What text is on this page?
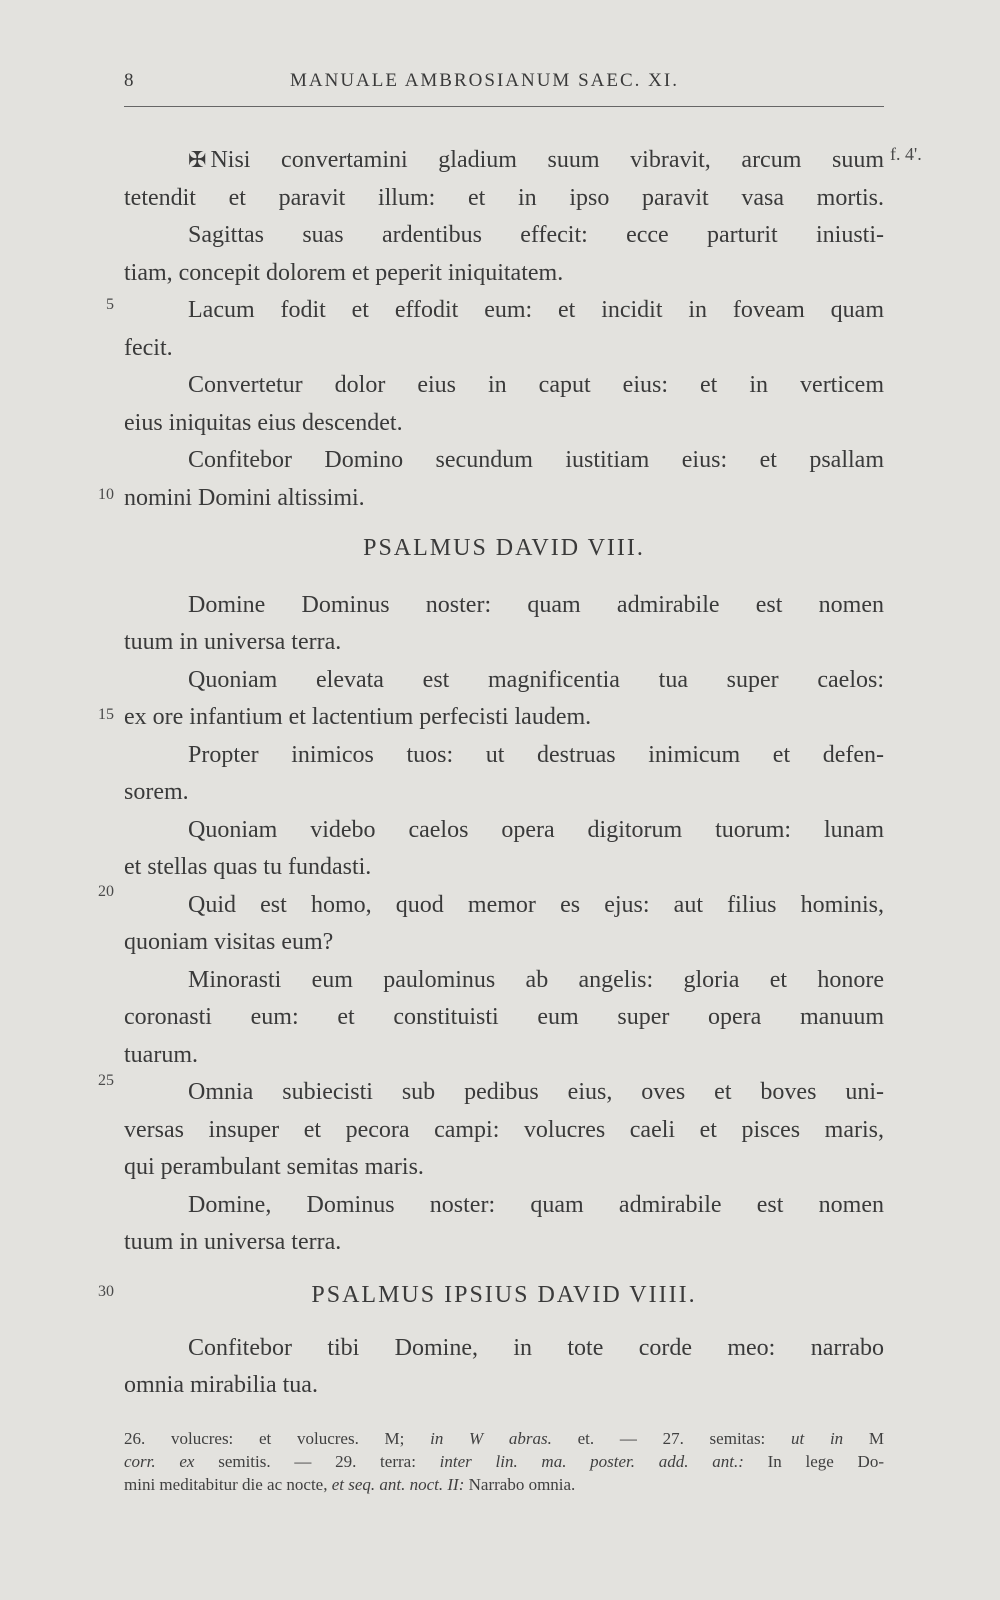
8	MANUALE AMBROSIANUM SAEC. XI.
f. 4'.
5
10
15
20
25
30
✠ Nisi convertamini gladium suum vibravit, arcum suum
tetendit et paravit illum: et in ipso paravit vasa mortis.
Sagittas suas ardentibus effecit: ecce parturit iniusti-
tiam, concepit dolorem et peperit iniquitatem.
Lacum fodit et effodit eum: et incidit in foveam quam
fecit.
Convertetur dolor eius in caput eius: et in verticem
eius iniquitas eius descendet.
Confitebor Domino secundum iustitiam eius: et psallam
nomini Domini altissimi.
PSALMUS DAVID VIII.
Domine Dominus noster: quam admirabile est nomen
tuum in universa terra.
Quoniam elevata est magnificentia tua super caelos:
ex ore infantium et lactentium perfecisti laudem.
Propter inimicos tuos: ut destruas inimicum et defen-
sorem.
Quoniam videbo caelos opera digitorum tuorum: lunam
et stellas quas tu fundasti.
Quid est homo, quod memor es ejus: aut filius hominis,
quoniam visitas eum?
Minorasti eum paulominus ab angelis: gloria et honore
coronasti eum: et constituisti eum super opera manuum
tuarum.
Omnia subiecisti sub pedibus eius, oves et boves uni-
versas insuper et pecora campi: volucres caeli et pisces maris,
qui perambulant semitas maris.
Domine, Dominus noster: quam admirabile est nomen
tuum in universa terra.
PSALMUS IPSIUS DAVID VIIII.
Confitebor tibi Domine, in tote corde meo: narrabo
omnia mirabilia tua.
26. volucres: et volucres. M; in W abras. et. — 27. semitas: ut in M
corr. ex semitis. — 29. terra: inter lin. ma. poster. add. ant.: In lege Do-
mini meditabitur die ac nocte, et seq. ant. noct. II: Narrabo omnia.
